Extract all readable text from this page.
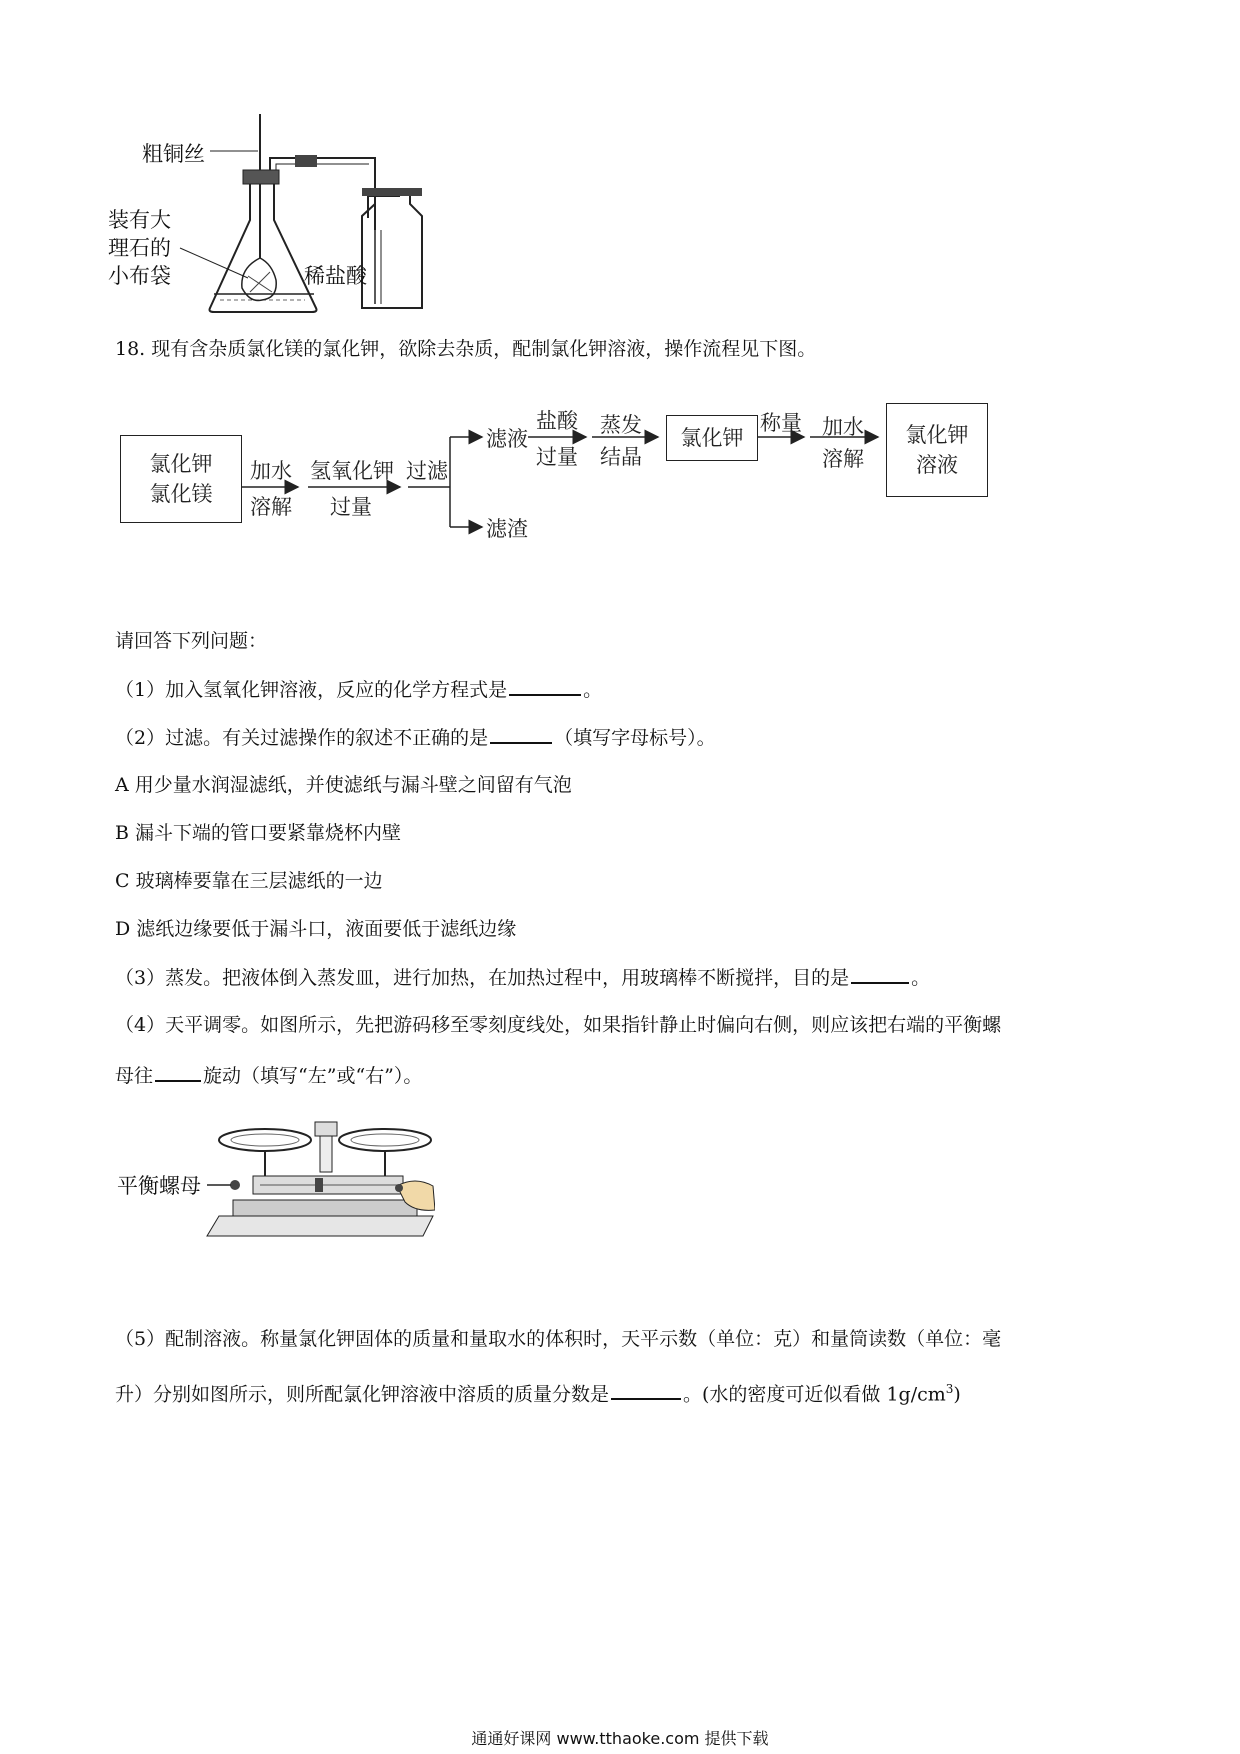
粗铜丝
装有大
理石的
小布袋	稀盐酸
18. 现有含杂质氯化镁的氯化钾，欲除去杂质，配制氯化钾溶液，操作流程见下图。
氯化钾
氯化镁
加水
溶解
氢氧化钾
过量
过滤
滤液
滤渣
盐酸
过量
蒸发
结晶
氯化钾
称量 加水
溶解
氯化钾
溶液
请回答下列问题：
（1）加入氢氧化钾溶液，反应的化学方程式是	。
（2）过滤。有关过滤操作的叙述不正确的是	（填写字母标号）。
A 用少量水润湿滤纸，并使滤纸与漏斗壁之间留有气泡
B 漏斗下端的管口要紧靠烧杯内壁
C 玻璃棒要靠在三层滤纸的一边
D 滤纸边缘要低于漏斗口，液面要低于滤纸边缘
（3）蒸发。把液体倒入蒸发皿，进行加热，在加热过程中，用玻璃棒不断搅拌，目的是	。
（4）天平调零。如图所示，先把游码移至零刻度线处，如果指针静止时偏向右侧，则应该把右端的平衡螺
母往	旋动（填写“左”或“右”）。
平衡螺母
（5）配制溶液。称量氯化钾固体的质量和量取水的体积时，天平示数（单位：克）和量筒读数（单位：毫
升）分别如图所示，则所配氯化钾溶液中溶质的质量分数是	。(水的密度可近似看做 $1g/cm^3$)
通通好课网 www.tthaoke.com 提供下载
